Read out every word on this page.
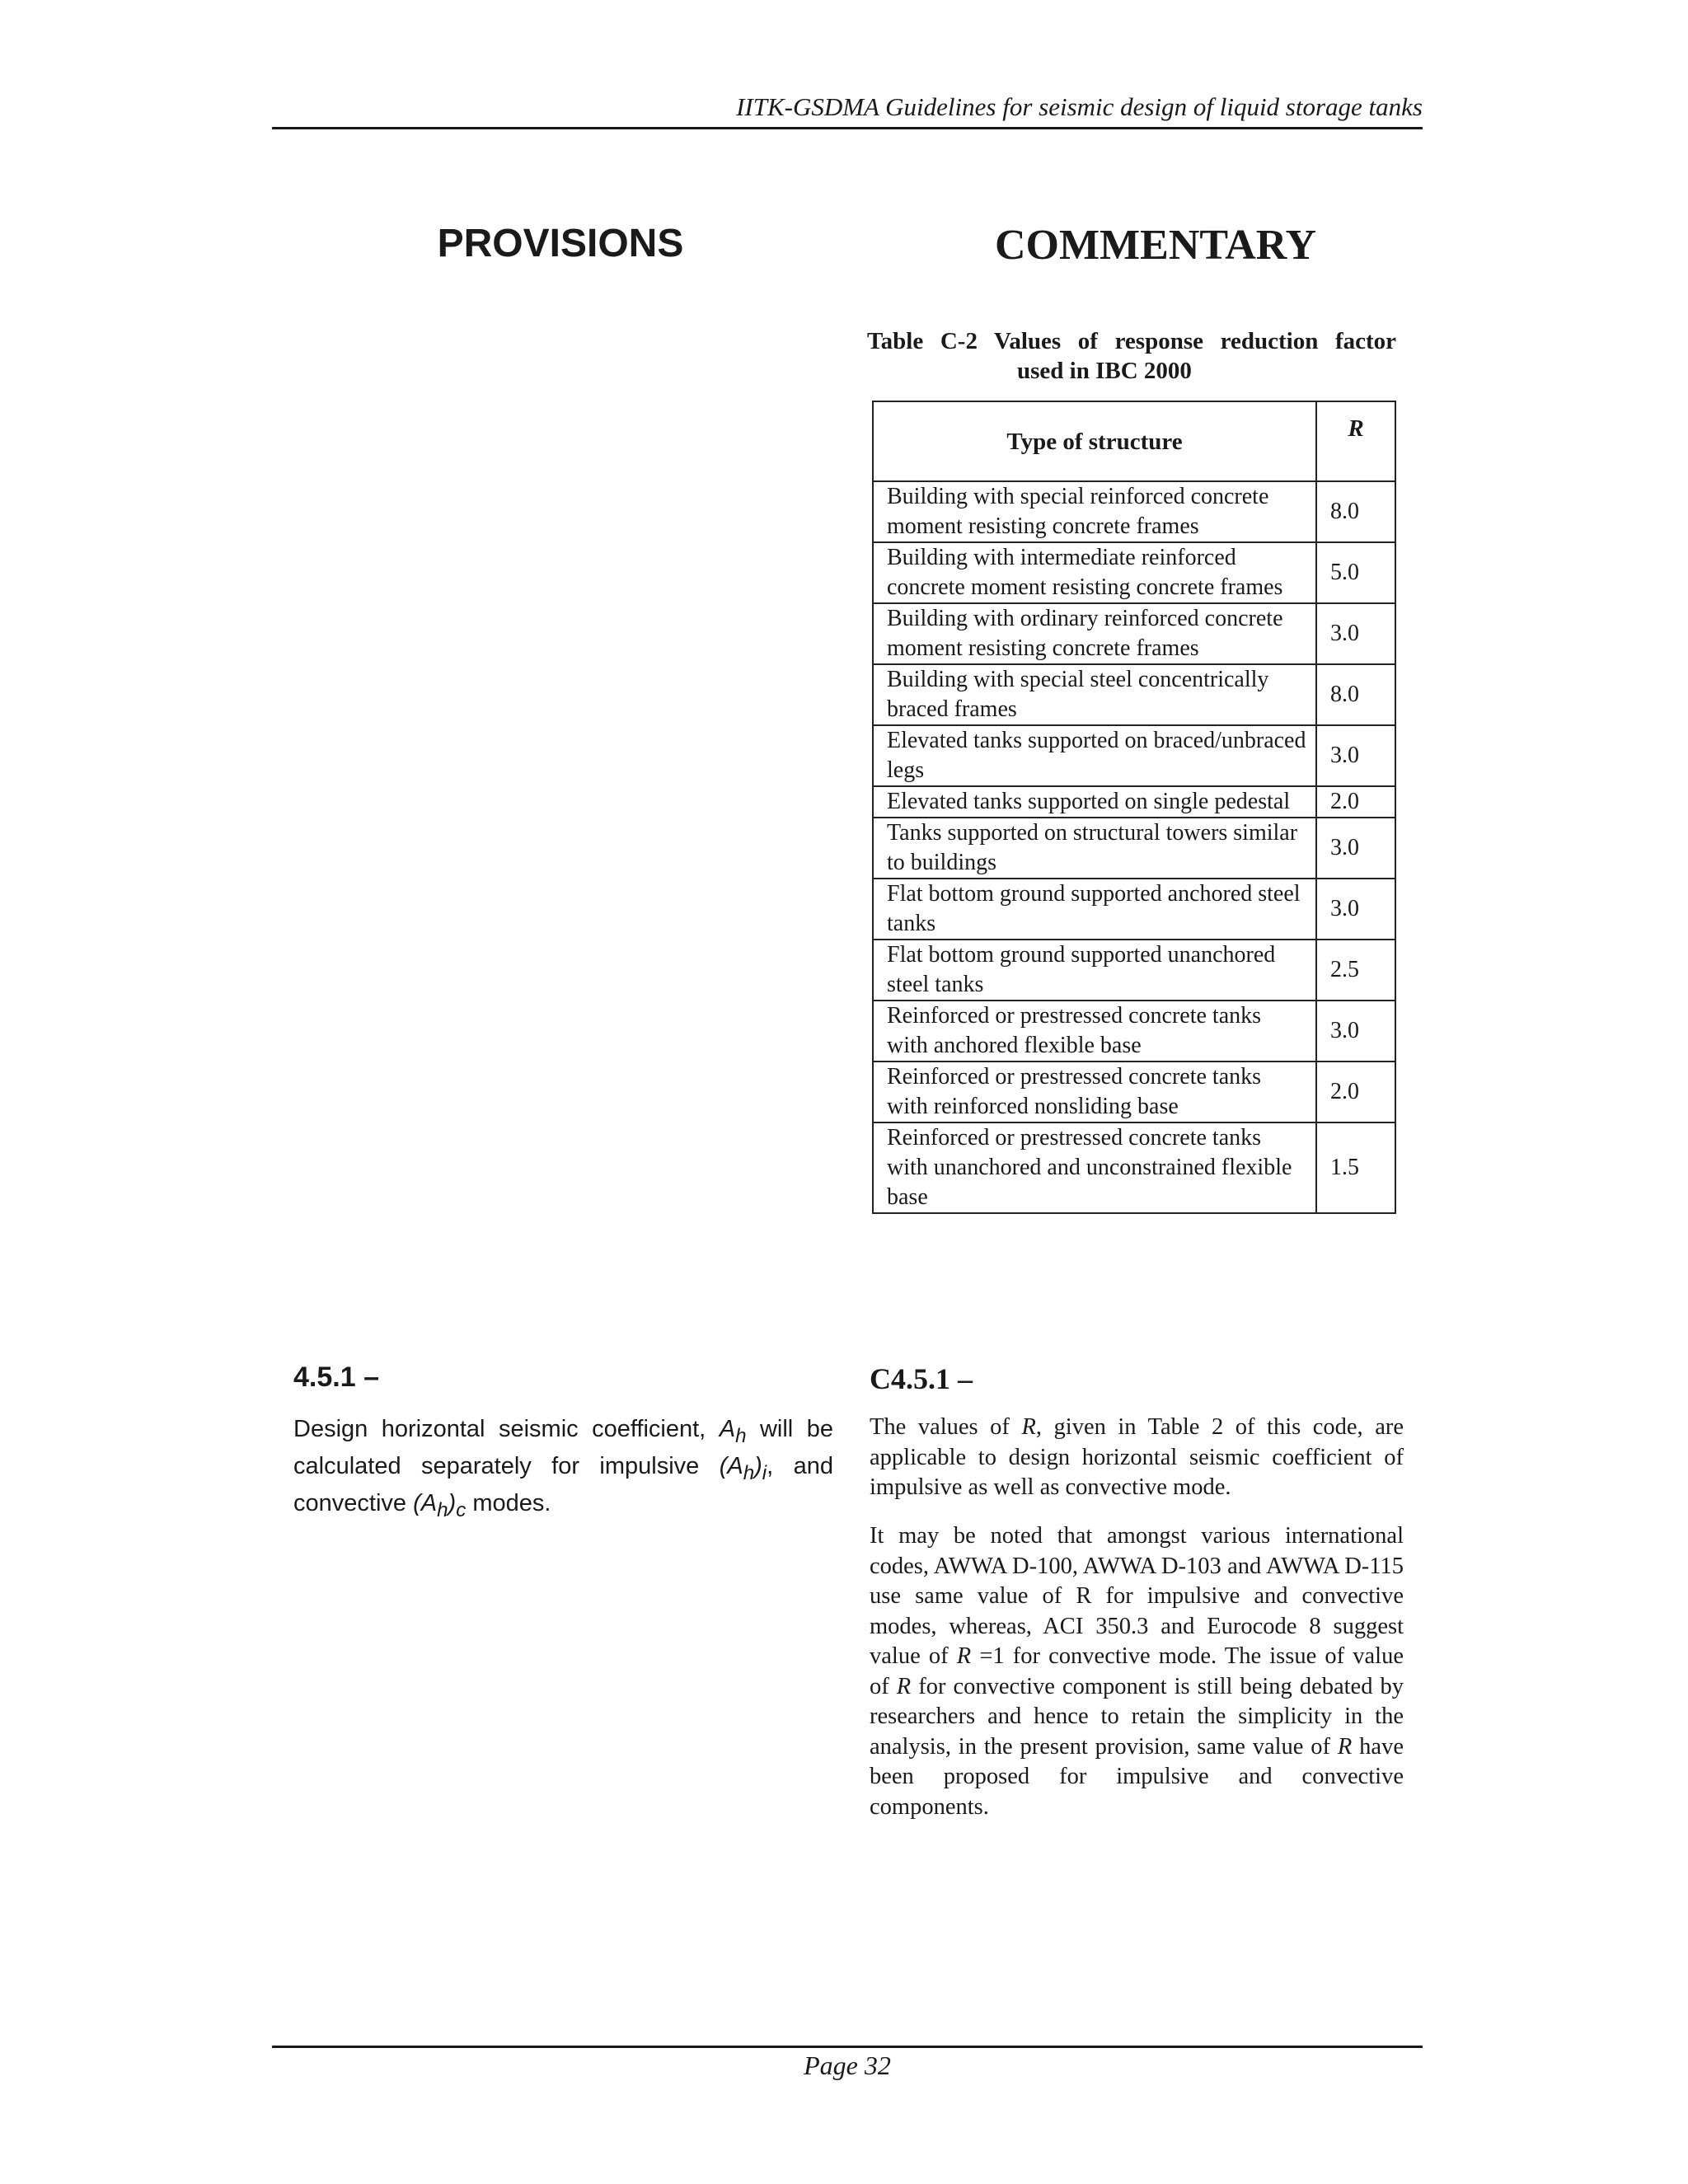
IITK-GSDMA Guidelines for seismic design of liquid storage tanks
PROVISIONS	COMMENTARY
Table C-2 Values of response reduction factor
used in IBC 2000
Type of structure	R
Building with special reinforced concrete moment resisting concrete frames	8.0
Building with intermediate reinforced concrete moment resisting concrete frames	5.0
Building with ordinary reinforced concrete moment resisting concrete frames	3.0
Building with special steel concentrically braced frames	8.0
Elevated tanks supported on braced/unbraced legs	3.0
Elevated tanks supported on single pedestal	2.0
Tanks supported on structural towers similar to buildings	3.0
Flat bottom ground supported anchored steel tanks	3.0
Flat bottom ground supported unanchored steel tanks	2.5
Reinforced or prestressed concrete tanks with anchored flexible base	3.0
Reinforced or prestressed concrete tanks with reinforced nonsliding base	2.0
Reinforced or prestressed concrete tanks with unanchored and unconstrained flexible base	1.5
4.5.1 –	C4.5.1 –

Design horizontal seismic coefficient, $A_h$ will be calculated separately for impulsive $(A_h)_i$, and convective $(A_h)_c$ modes.

The values of R, given in Table 2 of this code, are applicable to design horizontal seismic coefficient of impulsive as well as convective mode.

It may be noted that amongst various international codes, AWWA D-100, AWWA D-103 and AWWA D-115 use same value of R for impulsive and convective modes, whereas, ACI 350.3 and Eurocode 8 suggest value of R =1 for convective mode. The issue of value of R for convective component is still being debated by researchers and hence to retain the simplicity in the analysis, in the present provision, same value of R have been proposed for impulsive and convective components.

Page 32
